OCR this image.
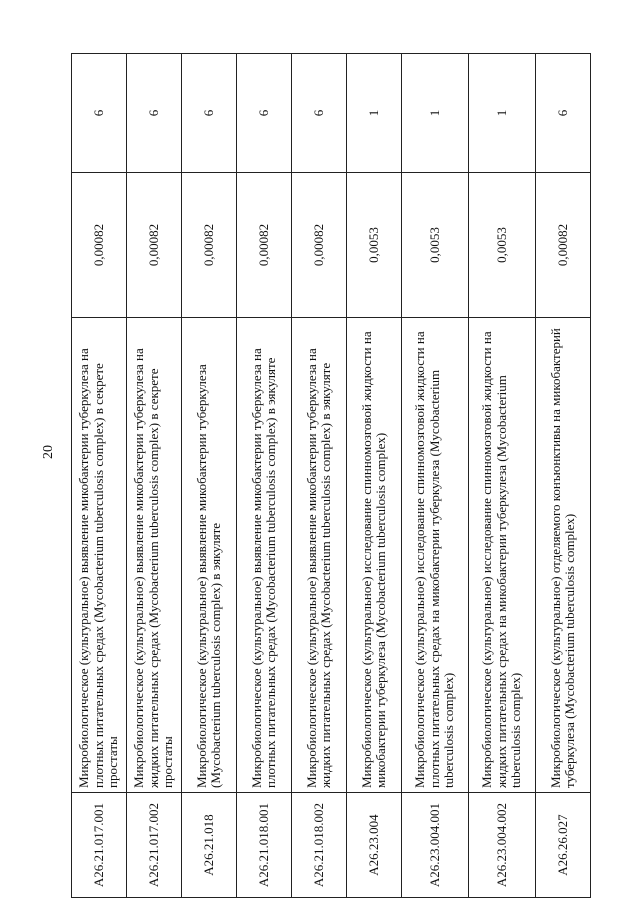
20
A26.21.017.001	Микробиологическое (культуральное) выявление микобактерии туберкулеза на плотных питательных средах (Mycobacterium tuberculosis complex) в секрете простаты	0,00082	6
A26.21.017.002	Микробиологическое (культуральное) выявление микобактерии туберкулеза на жидких питательных средах (Mycobacterium tuberculosis complex) в секрете простаты	0,00082	6
A26.21.018	Микробиологическое (культуральное) выявление микобактерии туберкулеза (Mycobacterium tuberculosis complex) в эякуляте	0,00082	6
A26.21.018.001	Микробиологическое (культуральное) выявление микобактерии туберкулеза на плотных питательных средах (Mycobacterium tuberculosis complex) в эякуляте	0,00082	6
A26.21.018.002	Микробиологическое (культуральное) выявление микобактерии туберкулеза на жидких питательных средах (Mycobacterium tuberculosis complex) в эякуляте	0,00082	6
A26.23.004	Микробиологическое (культуральное) исследование спинномозговой жидкости на микобактерии туберкулеза (Mycobacterium tuberculosis complex)	0,0053	1
A26.23.004.001	Микробиологическое (культуральное) исследование спинномозговой жидкости на плотных питательных средах на микобактерии туберкулеза (Mycobacterium tuberculosis complex)	0,0053	1
A26.23.004.002	Микробиологическое (культуральное) исследование спинномозговой жидкости на жидких питательных средах на микобактерии туберкулеза (Mycobacterium tuberculosis complex)	0,0053	1
A26.26.027	Микробиологическое (культуральное) отделяемого конъюнктивы на микобактерий туберкулеза (Mycobacterium tuberculosis complex)	0,00082	6
